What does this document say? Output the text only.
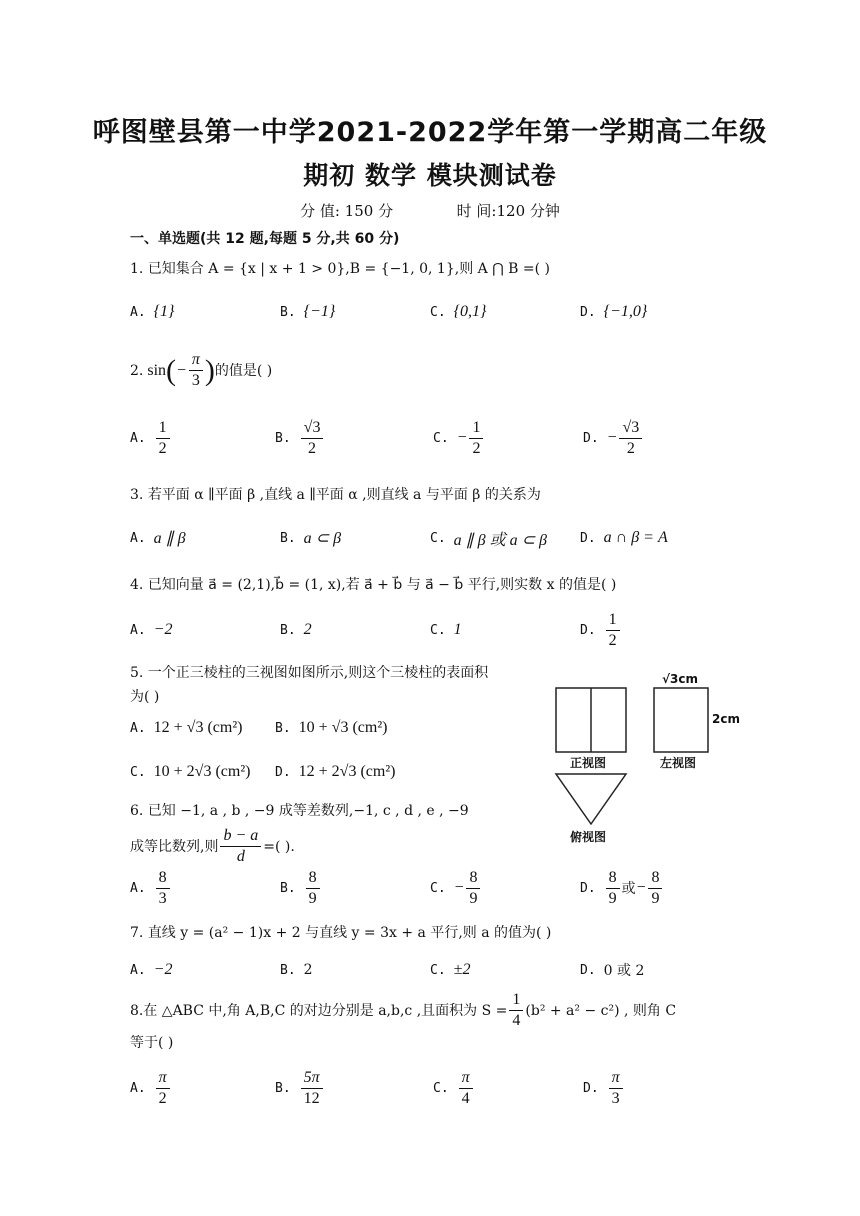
呼图壁县第一中学2021-2022学年第一学期高二年级
期初 数学 模块测试卷
分 值: 150 分	时 间:120 分钟
一、单选题(共 12 题,每题 5 分,共 60 分)
1. 已知集合 A = {x | x + 1 > 0},B = {−1, 0, 1},则 A ⋂ B =( )
A. {1}	B. {−1}	C. {0,1}	D. {−1,0}
2. sin ( − $\frac{\pi}{3}$ ) 的值是( )
A. $\frac{1}{2}$	B. $\frac{√3}{2}$	C. − $\frac{1}{2}$	D. − $\frac{√3}{2}$
3. 若平面 α ∥平面 β ,直线 a ∥平面 α ,则直线 a 与平面 β 的关系为
A. a ∥ β	B. a ⊂ β	C. a ∥ β 或 a ⊂ β	D. a ∩ β = A
4. 已知向量 a⃗ = (2,1),b⃗ = (1, x),若 a⃗ + b⃗ 与 a⃗ − b⃗ 平行,则实数 x 的值是( )
A. −2	B. 2	C. 1	D. $\frac{1}{2}$
5. 一个正三棱柱的三视图如图所示,则这个三棱柱的表面积
为( )
A. 12 + √3 (cm²)	B. 10 + √3 (cm²)
C. 10 + 2√3 (cm²) D. 12 + 2√3 (cm²)
√3cm
2cm
正视图	左视图
俯视图
6. 已知 −1, a , b , −9 成等差数列,−1, c , d , e , −9
成等比数列,则 $\frac{b - a}{d}$ =( ).
A. $\frac{8}{3}$	B. $\frac{8}{9}$	C. − $\frac{8}{9}$	D. $\frac{8}{9}$ 或 − $\frac{8}{9}$
7. 直线 y = (a² − 1)x + 2 与直线 y = 3x + a 平行,则 a 的值为( )
A. −2	B. 2	C. ±2	D. 0 或 2
8. 在 △ABC 中,角 A,B,C 的对边分别是 a,b,c ,且面积为 $S = \frac{1}{4} (b^2 + a^2 - c^2)$ , 则角 C
等于( )
A. $\frac{\pi}{2}$	B. $\frac{5\pi}{12}$	C. $\frac{\pi}{4}$	D. $\frac{\pi}{3}$
